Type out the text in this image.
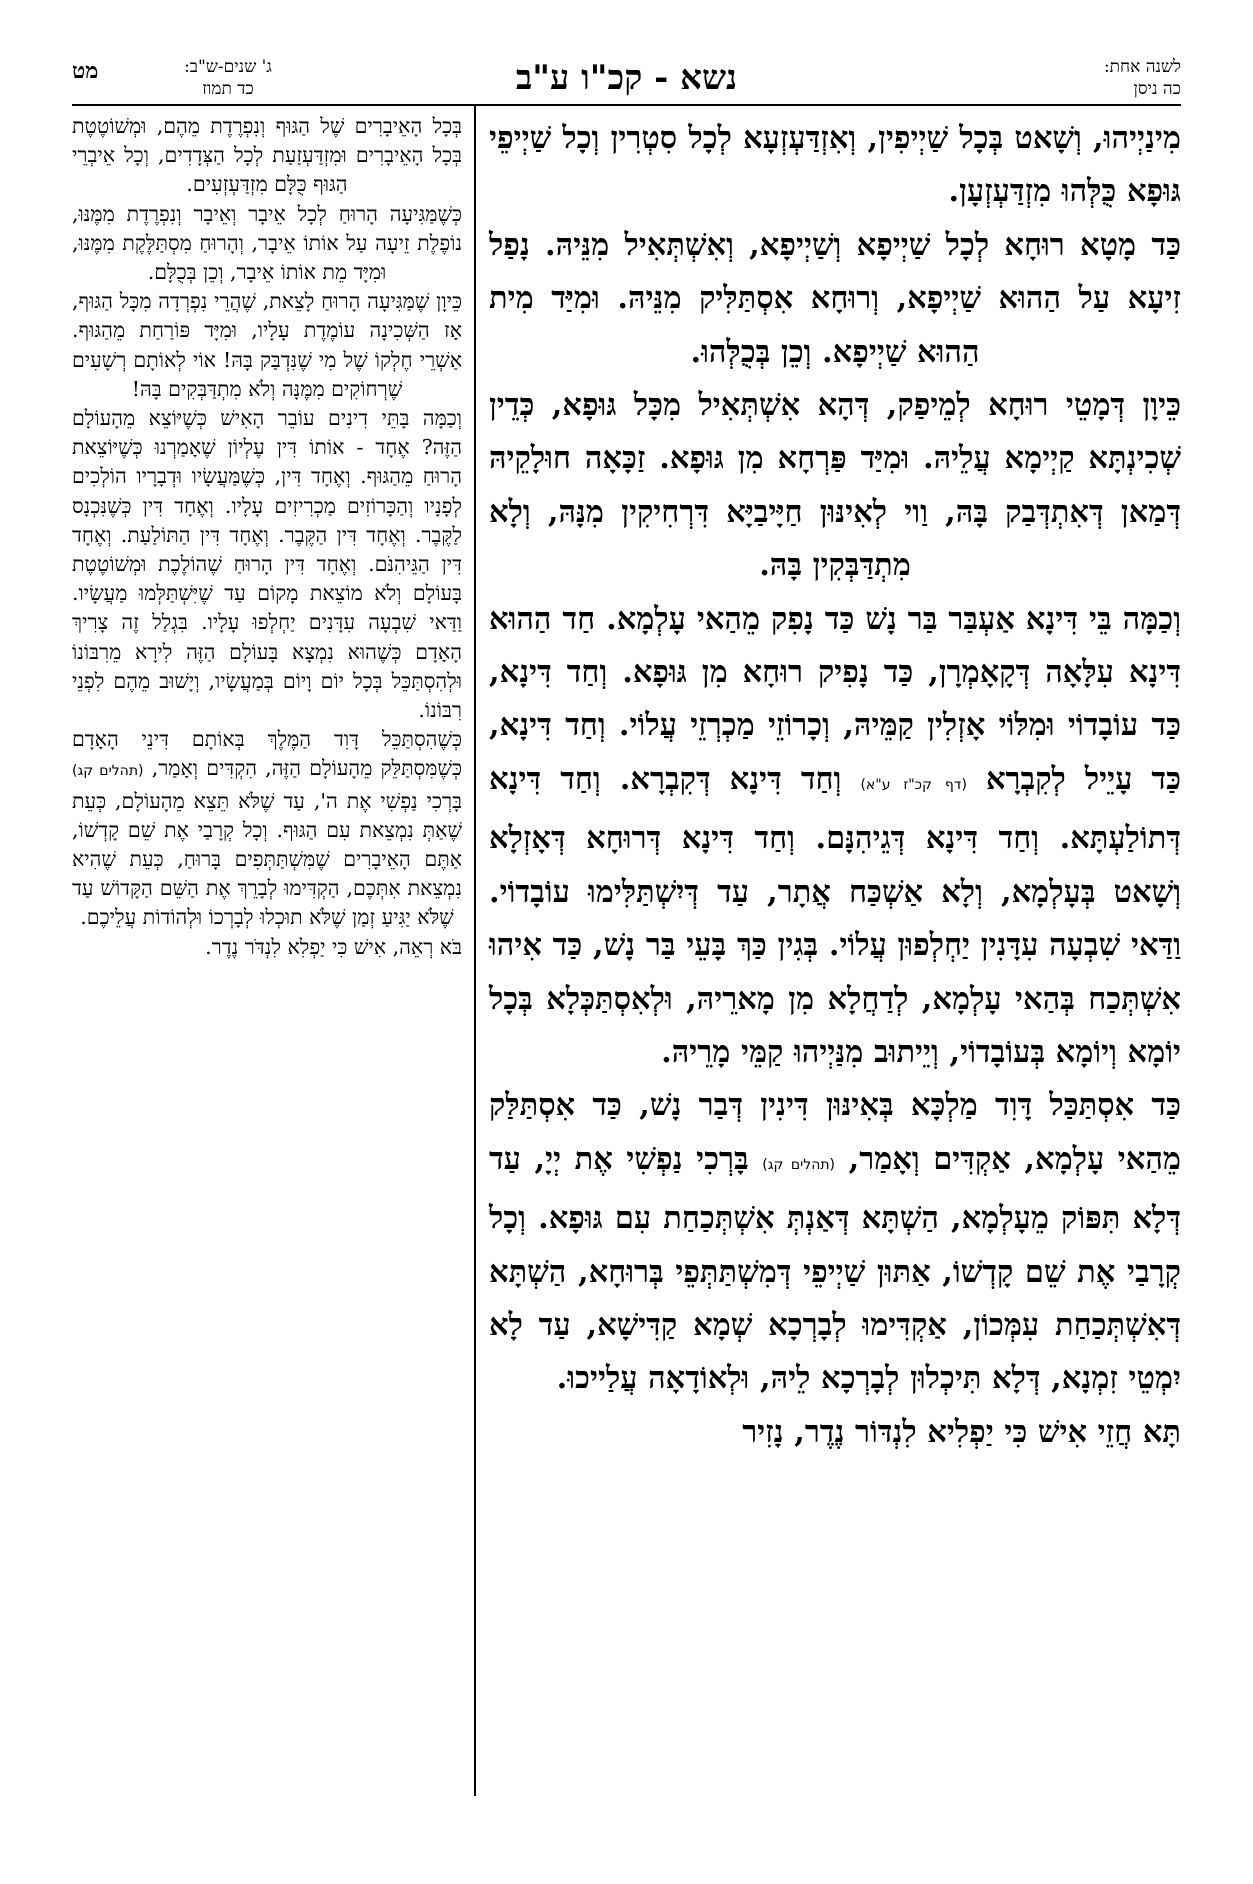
לשנה אחת:
כה ניסן
נשא - קכ"ו ע"ב
מט	ג' שנים-ש"ב:
כד תמוז

מִינַיְיהוּ, וְשָׁאט בְּכָל שַׁיְיפִין, וְאִזְדַּעְזְעָא לְכָל סִטְרִין וְכָל שַׁיְיפֵי גּוּפָא כֻּלְּהוּ מִזְדַּעְזְעָן.

כַּד מָטָא רוּחָא לְכָל שַׁיְיפָא וְשַׁיְיפָא, וְאִשְׁתְּאִיל מִנֵּיהּ. נָפַל זִיעָא עַל הַהוּא שַׁיְיפָא, וְרוּחָא אִסְתַּלִּיק מִנֵּיהּ. וּמִיַּד מִית הַהוּא שַׁיְיפָא. וְכֵן בְּכֻלְּהוּ.

כֵּיוָן דְּמָטֵי רוּחָא לְמֵיפַק, דְּהָא אִשְׁתְּאִיל מִכָּל גּוּפָא, כְּדֵין שְׁכִינְתָּא קַיְימָא עֲלֵיהּ. וּמִיַּד פַּרְחָא מִן גּוּפָא. זַכָּאָה חוּלָקֵיהּ דְּמַאן דְּאִתְדְּבַק בָּהּ, וַוי לְאִינּוּן חַיָּיבַיָּא דִּרְחִיקִין מִנָּהּ, וְלָא מִתְדַּבְּקִין בָּהּ.

וְכַמָּה בֵּי דִּינָא אַעְבַּר בַּר נָשׁ כַּד נָפִק מֵהַאי עָלְמָא. חַד הַהוּא דִּינָא עִלָּאָה דְּקָאָמְרָן, כַּד נָפִיק רוּחָא מִן גּוּפָא. וְחַד דִּינָא, כַּד עוֹבָדוֹי וּמִלּוֹי אָזְלִין קַמֵּיהּ, וְכָרוֹזֵי מַכְרְזֵי עֲלוֹי. וְחַד דִּינָא, כַּד עָיֵיל לְקִבְרָא (דף קכ"ז ע"א) וְחַד דִּינָא דְּקִבְרָא. וְחַד דִּינָא דְּתוֹלַעְתָּא. וְחַד דִּינָא דְּגֵיהִנָּם. וְחַד דִּינָא דְּרוּחָא דְּאָזְלָא וְשָׁאט בְּעָלְמָא, וְלָא אַשְׁכַּח אֲתָר, עַד דְּיִשְׁתַּלִּימוּ עוֹבָדוֹי. וַדַּאי שִׁבְעָה עִדָּנִין יַחְלְפוּן עֲלוֹי. בְּגִין כַּךְ בָּעֵי בַּר נָשׁ, כַּד אִיהוּ אִשְׁתְּכַח בְּהַאי עָלְמָא, לְדַחֲלָא מִן מָארֵיהּ, וּלְאִסְתַּכְּלָא בְּכָל יוֹמָא וְיוֹמָא בְּעוֹבָדוֹי, וְיֵיתוּב מִנַּיְיהוּ קַמֵּי מָרֵיהּ.

כַּד אִסְתַּכַּל דָּוִד מַלְכָּא בְּאִינּוּן דִּינִין דְּבַר נָשׁ, כַּד אִסְתַּלַּק מֵהַאי עָלְמָא, אַקְדִּים וְאָמַר, (תהלים קג) בָּרְכִי נַפְשִׁי אֶת יְיָ, עַד דְּלָא תִּפּוֹק מֵעָלְמָא, הַשְׁתָּא דְּאַנְתְּ אִשְׁתְּכַחַת עִם גּוּפָא. וְכָל קְרָבַי אֶת שֵׁם קָדְשׁוֹ, אַתּוּן שַׁיְיפֵי דְּמִשְׁתַּתְּפֵי בְּרוּחָא, הַשְׁתָּא דְּאִשְׁתְּכַחַת עִמְּכוֹן, אַקְדִּימוּ לְבָרְכָא שְׁמָא קַדִּישָׁא, עַד לָא יִמְטֵי זִמְנָא, דְּלָא תִּיכְלוּן לְבָרְכָא לֵיהּ, וּלְאוֹדָאָה עֲלַייכוּ.

תָּא חֲזֵי אִישׁ כִּי יַפְלִיא לִנְדּוֹר נֶדֶר, נָזִיר

בְּכָל הָאֵיבָרִים שֶׁל הַגּוּף וְנִפְרֶדֶת מֵהֶם, וּמְשׁוֹטֶטֶת בְּכָל הָאֵיבָרִים וּמִזְדַּעְזַעַת לְכָל הַצְּדָדִים, וְכָל אֵיבְרֵי הַגּוּף כֻּלָּם מִזְדַּעְזְעִים.

כְּשֶׁמַּגִּיעָה הָרוּחַ לְכָל אֵיבָר וְאֵיבָר וְנִפְרֶדֶת מִמֶּנּוּ, נוֹפֶלֶת זֵיעָה עַל אוֹתוֹ אֵיבָר, וְהָרוּחַ מִסְתַּלֶּקֶת מִמֶּנּוּ, וּמִיָּד מֵת אוֹתוֹ אֵיבָר, וְכֵן בְּכֻלָּם.

כֵּיוָן שֶׁמַּגִּיעָה הָרוּחַ לָצֵאת, שֶׁהֲרֵי נִפְרְדָה מִכָּל הַגּוּף, אָז הַשְּׁכִינָה עוֹמֶדֶת עָלָיו, וּמִיָּד פּוֹרַחַת מֵהַגּוּף. אַשְׁרֵי חֶלְקוֹ שֶׁל מִי שֶׁנִּדְבַּק בָּהּ! אוֹי לְאוֹתָם רְשָׁעִים שֶׁרְחוֹקִים מִמֶּנָּה וְלֹא מִתְדַּבְּקִים בָּהּ!

וְכַמָּה בָּתֵּי דִינִים עוֹבֵר הָאִישׁ כְּשֶׁיּוֹצֵא מֵהָעוֹלָם הַזֶּה? אֶחָד - אוֹתוֹ דִּין עֶלְיוֹן שֶׁאָמַרְנוּ כְּשֶׁיּוֹצֵאת הָרוּחַ מֵהַגּוּף. וְאֶחָד דִּין, כְּשֶׁמַּעֲשָׂיו וּדְבָרָיו הוֹלְכִים לְפָנָיו וְהַכָּרוֹזִים מַכְרִיזִים עָלָיו. וְאֶחָד דִּין כְּשֶׁנִּכְנָס לַקֶּבֶר. וְאֶחָד דִּין הַקֶּבֶר. וְאֶחָד דִּין הַתּוֹלַעַת. וְאֶחָד דִּין הַגֵּיהִנֹּם. וְאֶחָד דִּין הָרוּחַ שֶׁהוֹלֶכֶת וּמְשׁוֹטֶטֶת בָּעוֹלָם וְלֹא מוֹצֵאת מָקוֹם עַד שֶׁיִּשְׁתַּלְּמוּ מַעֲשָׂיו. וַדַּאי שִׁבְעָה עִדָּנִים יַחְלְפוּ עָלָיו. בִּגְלַל זֶה צָרִיךְ הָאָדָם כְּשֶׁהוּא נִמְצָא בָּעוֹלָם הַזֶּה לִירָא מֵרִבּוֹנוֹ וּלְהִסְתַּכֵּל בְּכָל יוֹם וָיוֹם בְּמַעֲשָׂיו, וְיָשׁוּב מֵהֶם לִפְנֵי רִבּוֹנוֹ.

כְּשֶׁהִסְתַּכֵּל דָּוִד הַמֶּלֶךְ בְּאוֹתָם דִּינֵי הָאָדָם כְּשֶׁמִּסְתַּלֵּק מֵהָעוֹלָם הַזֶּה, הִקְדִּים וְאָמַר, (תהלים קג) בָּרְכִי נַפְשִׁי אֶת ה', עַד שֶׁלֹּא תֵּצֵא מֵהָעוֹלָם, כְּעֵת שֶׁאַתְּ נִמְצֵאת עִם הַגּוּף. וְכָל קְרָבַי אֶת שֵׁם קָדְשׁוֹ, אַתֶּם הָאֵיבָרִים שֶׁמִּשְׁתַּתְּפִים בָּרוּחַ, כְּעֵת שֶׁהִיא נִמְצֵאת אִתְּכֶם, הַקְדִּימוּ לְבָרֵךְ אֶת הַשֵּׁם הַקָּדוֹשׁ עַד שֶׁלֹּא יַגִּיעַ זְמַן שֶׁלֹּא תוּכְלוּ לְבָרְכוֹ וּלְהוֹדוֹת עֲלֵיכֶם.

בֹּא רְאֵה, אִישׁ כִּי יַפְלִא לִנְדֹּר נֶדֶר.
